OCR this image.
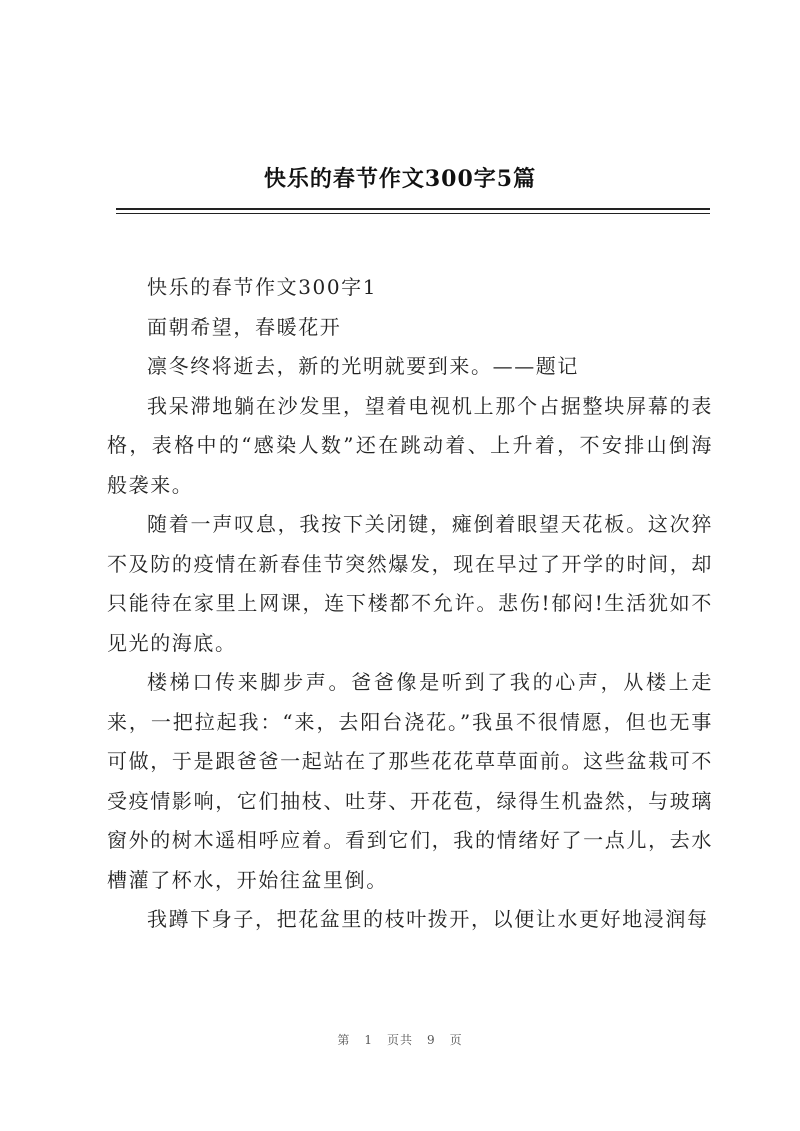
快乐的春节作文300字5篇

快乐的春节作文300字1

面朝希望，春暖花开

凛冬终将逝去，新的光明就要到来。——题记

我呆滞地躺在沙发里，望着电视机上那个占据整块屏幕的表格，表格中的“感染人数”还在跳动着、上升着，不安排山倒海般袭来。

随着一声叹息，我按下关闭键，瘫倒着眼望天花板。这次猝不及防的疫情在新春佳节突然爆发，现在早过了开学的时间，却只能待在家里上网课，连下楼都不允许。悲伤!郁闷!生活犹如不见光的海底。

楼梯口传来脚步声。爸爸像是听到了我的心声，从楼上走来，一把拉起我：“来，去阳台浇花。”我虽不很情愿，但也无事可做，于是跟爸爸一起站在了那些花花草草面前。这些盆栽可不受疫情影响，它们抽枝、吐芽、开花苞，绿得生机盎然，与玻璃窗外的树木遥相呼应着。看到它们，我的情绪好了一点儿，去水槽灌了杯水，开始往盆里倒。

我蹲下身子，把花盆里的枝叶拨开，以便让水更好地浸润每

第 1 页共 9 页
